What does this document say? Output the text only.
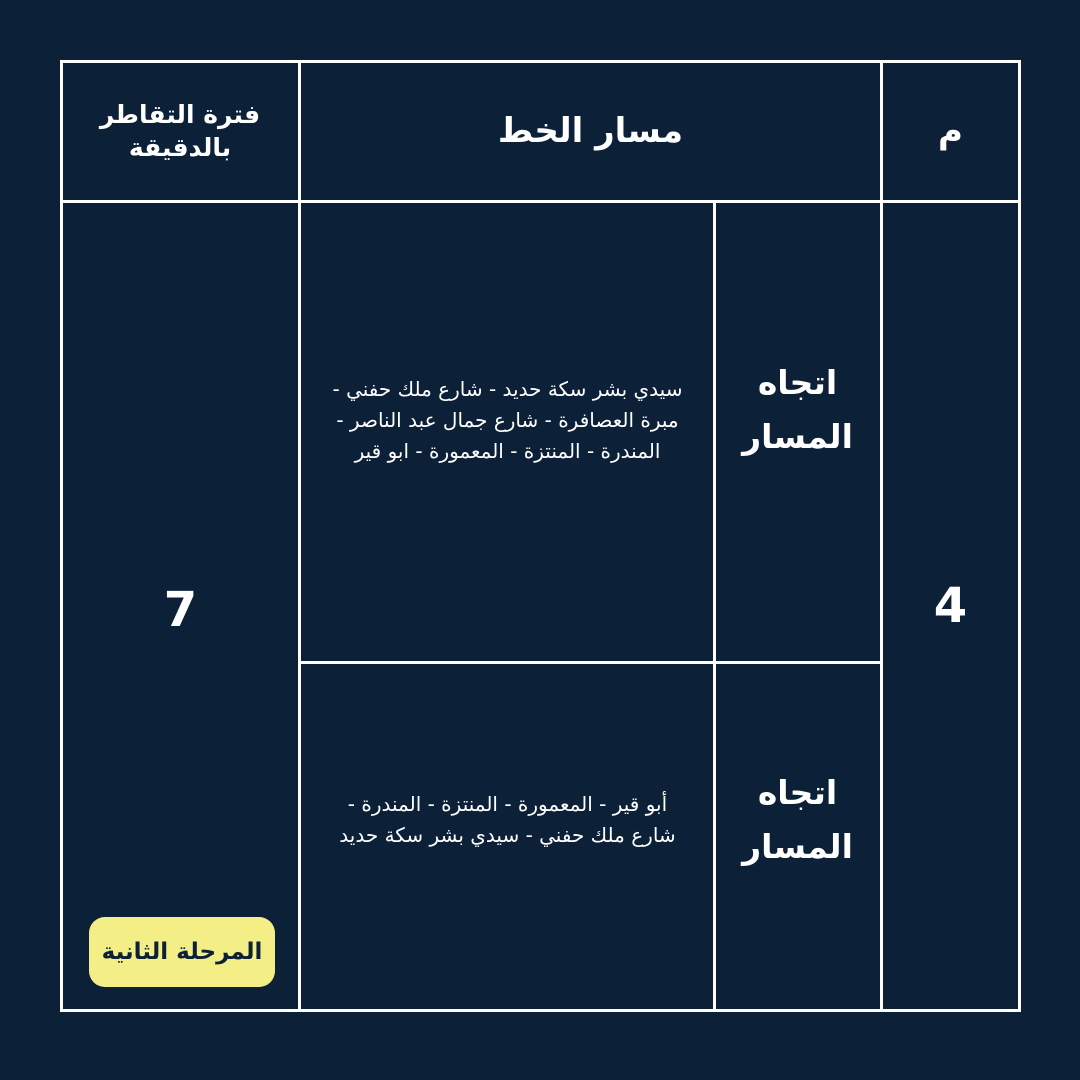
م
مسار الخط
فترة التقاطر بالدقيقة
4
اتجاه المسار
سيدي بشر سكة حديد - شارع ملك حفني - مبرة العصافرة - شارع جمال عبد الناصر - المندرة - المنتزة - المعمورة - ابو قير
اتجاه المسار
أبو قير - المعمورة - المنتزة - المندرة - شارع ملك حفني - سيدي بشر سكة حديد
7
المرحلة الثانية
